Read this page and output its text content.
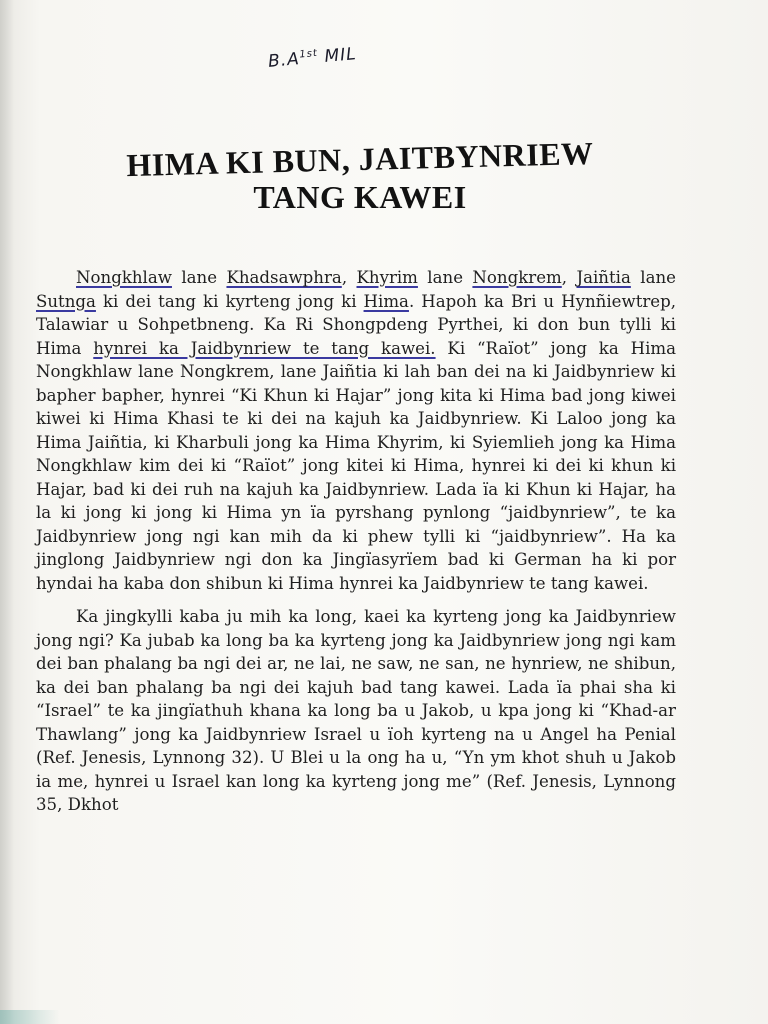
$B.A^{1st}$ MIL
HIMA KI BUN, JAITBYNRIEW
TANG KAWEI

Nongkhlaw lane Khadsawphra, Khyrim lane Nongkrem, Jaiñtia lane Sutnga ki dei tang ki kyrteng jong ki Hima. Hapoh ka Bri u Hynñiewtrep, Talawiar u Sohpetbneng. Ka Ri Shongpdeng Pyrthei, ki don bun tylli ki Hima hynrei ka Jaidbynriew te tang kawei. Ki “Raïot” jong ka Hima Nongkhlaw lane Nongkrem, lane Jaiñtia ki lah ban dei na ki Jaidbynriew ki bapher bapher, hynrei “Ki Khun ki Hajar” jong kita ki Hima bad jong kiwei kiwei ki Hima Khasi te ki dei na kajuh ka Jaidbynriew. Ki Laloo jong ka Hima Jaiñtia, ki Kharbuli jong ka Hima Khyrim, ki Syiemlieh jong ka Hima Nongkhlaw kim dei ki “Raïot” jong kitei ki Hima, hynrei ki dei ki khun ki Hajar, bad ki dei ruh na kajuh ka Jaidbynriew. Lada ïa ki Khun ki Hajar, ha la ki jong ki jong ki Hima yn ïa pyrshang pynlong “jaidbynriew”, te ka Jaidbynriew jong ngi kan mih da ki phew tylli ki “jaidbynriew”. Ha ka jinglong Jaidbynriew ngi don ka Jingïasyrïem bad ki German ha ki por hyndai ha kaba don shibun ki Hima hynrei ka Jaidbynriew te tang kawei.

Ka jingkylli kaba ju mih ka long, kaei ka kyrteng jong ka Jaidbynriew jong ngi? Ka jubab ka long ba ka kyrteng jong ka Jaidbynriew jong ngi kam dei ban phalang ba ngi dei ar, ne lai, ne saw, ne san, ne hynriew, ne shibun, ka dei ban phalang ba ngi dei kajuh bad tang kawei. Lada ïa phai sha ki “Israel” te ka jingïathuh khana ka long ba u Jakob, u kpa jong ki “Khad-ar Thawlang” jong ka Jaidbynriew Israel u ïoh kyrteng na u Angel ha Penial (Ref. Jenesis, Lynnong 32). U Blei u la ong ha u, “Yn ym khot shuh u Jakob ia me, hynrei u Israel kan long ka kyrteng jong me” (Ref. Jenesis, Lynnong 35, Dkhot
